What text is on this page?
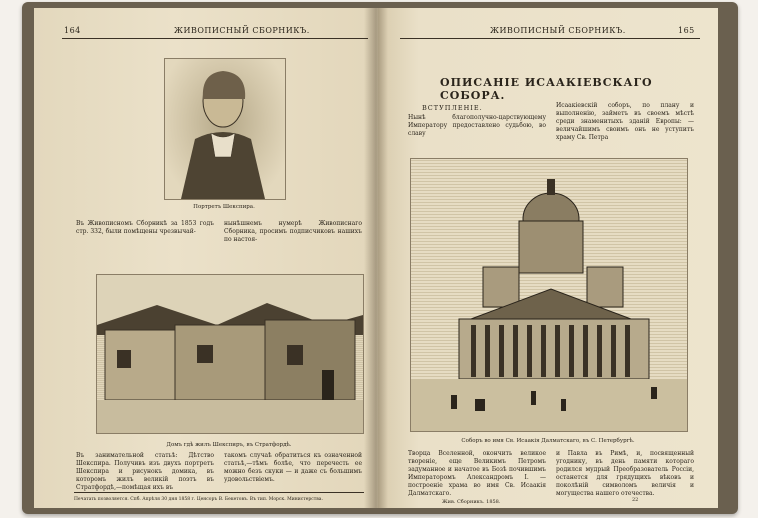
164	ЖИВОПИСНЫЙ СБОРНИКЪ.
Портретъ Шекспира.
Въ Живописномъ Сборникѣ за 1853 годъ стр. 332, были помѣщены чрезвычай-
нынѣшнемъ нумерѣ Живописнаго Сборника, просимъ подписчиковъ нашихъ по настоя-
Домъ гдѣ жилъ Шекспиръ, въ Стратфордѣ.
Въ занимательной статьѣ: Дѣтство Шекспира. Получивъ изъ двухъ портретъ Шекспира и рисунокъ домика, въ которомъ жилъ великій поэтъ въ Стратфордѣ,—помѣщая ихъ въ
такомъ случаѣ обратиться къ означенной статьѣ,—тѣмъ болѣе, что перечесть ее можно безъ скуки — и даже съ большимъ удовольствіемъ.
Печатать позволяется. Спб. Апрѣля 30 дня 1858 г. Ценсоръ В. Бекетовъ. Въ тип. Морск. Министерства.
ЖИВОПИСНЫЙ СБОРНИКЪ.	165
ОПИСАНІЕ ИСААКІЕВСКАГО СОБОРА.
ВСТУПЛЕНІЕ.
Нынѣ благополучно-царствующему Императору предоставлено судьбою, во славу
Исаакіевскій соборъ, по плану и выполненію, займетъ въ своемъ мѣстѣ среди знаменитыхъ зданій Европы: — величайшимъ своимъ онъ не уступитъ храму Св. Петра
Соборъ во имя Св. Исаакія Далматскаго, въ С. Петербургѣ.
Творца Вселенной, окончить великое твореніе, еще Великимъ Петромъ задуманное и начатое въ Бозѣ почившимъ Императоромъ Александромъ I. — построеніе храма во имя Св. Исаакія Далматскаго.
и Павла въ Римѣ, и, посвященный угоднику, въ день памяти котораго родился мудрый Преобразователь Россіи, останется для грядущихъ вѣковъ и поколѣній символомъ величія и могущества нашего отечества.
Жив. Сборникъ. 1858.	22
